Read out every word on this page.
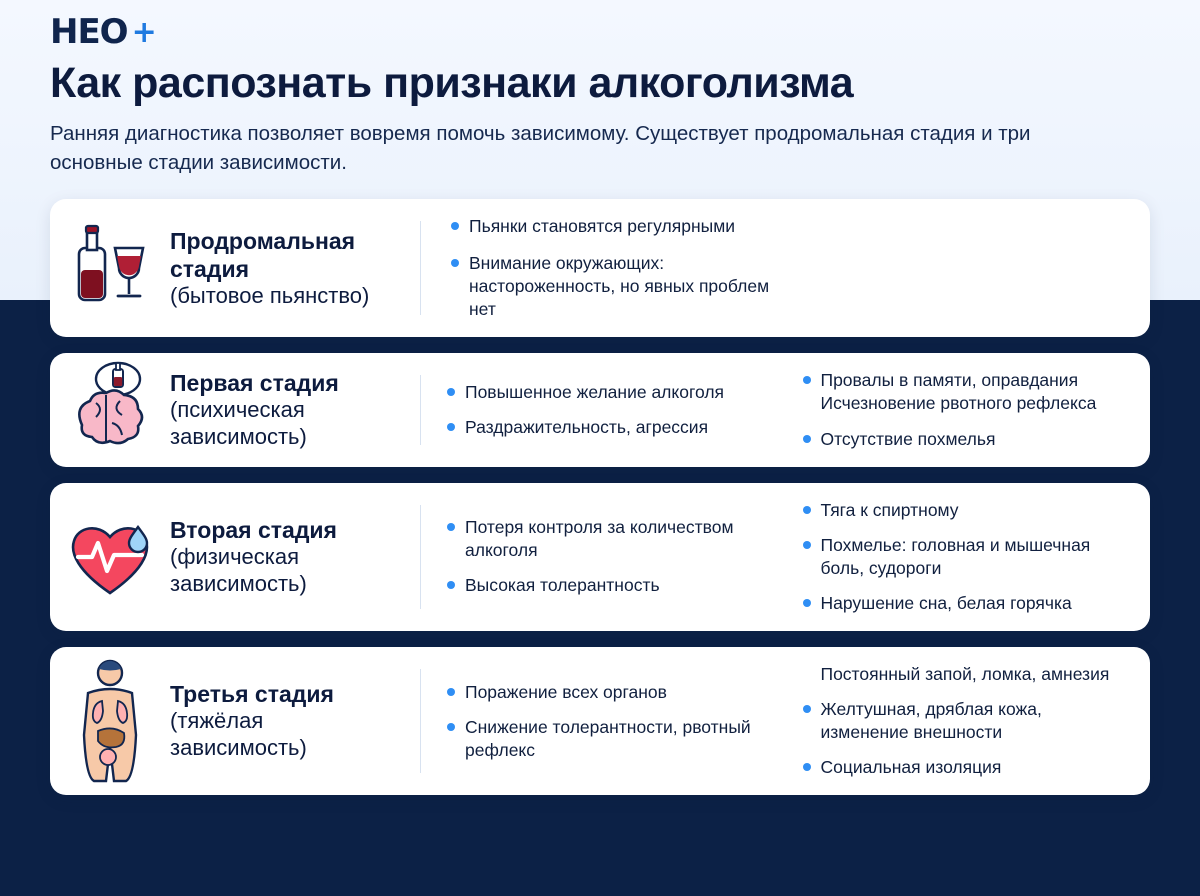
HEO +
Как распознать признаки алкоголизма

Ранняя диагностика позволяет вовремя помочь зависимому. Существует продромальная стадия и три основные стадии зависимости.

Продромальная стадия
(бытовое пьянство)
Пьянки становятся регулярными
Внимание окружающих: настороженность, но явных проблем нет
Первая стадия
(психическая зависимость)
Повышенное желание алкоголя
Раздражительность, агрессия
Провалы в памяти, оправдания Исчезновение рвотного рефлекса
Отсутствие похмелья
Вторая стадия
(физическая зависимость)
Потеря контроля за количеством алкоголя
Высокая толерантность
Тяга к спиртному
Похмелье: головная и мышечная боль, судороги
Нарушение сна, белая горячка
Третья стадия
(тяжёлая зависимость)
Поражение всех органов
Снижение толерантности, рвотный рефлекс
Постоянный запой, ломка, амнезия
Желтушная, дряблая кожа, изменение внешности
Социальная изоляция
